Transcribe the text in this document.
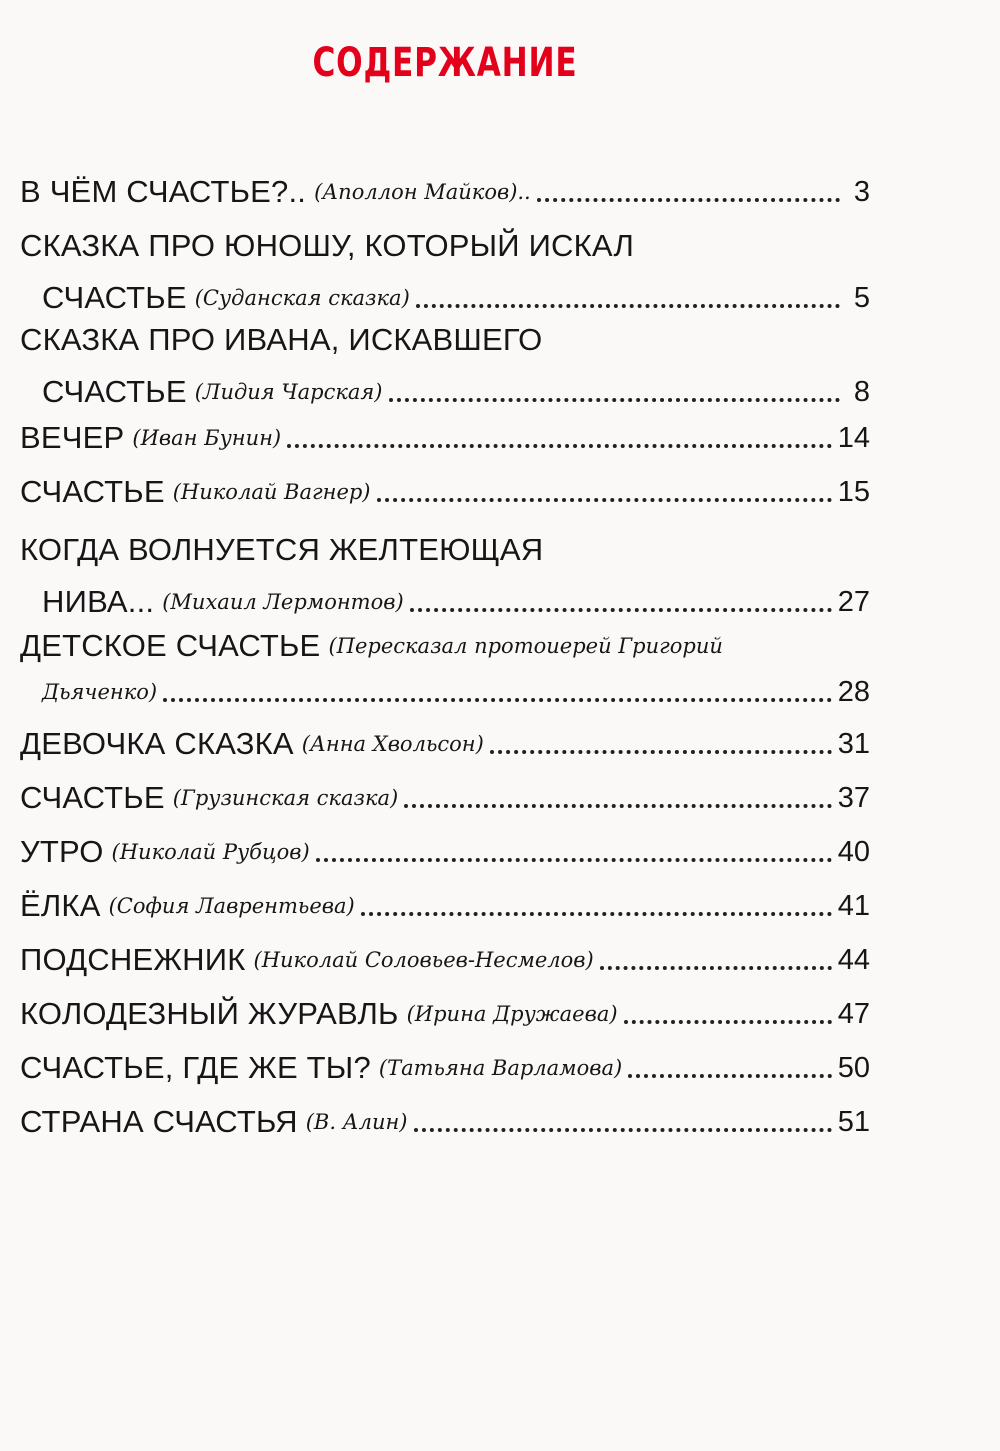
СОДЕРЖАНИЕ
В ЧЁМ СЧАСТЬЕ?.. (Аполлон Майков)..	3
СКАЗКА ПРО ЮНОШУ, КОТОРЫЙ ИСКАЛ
СЧАСТЬЕ (Суданская сказка)	5
СКАЗКА ПРО ИВАНА, ИСКАВШЕГО
СЧАСТЬЕ (Лидия Чарская)	8
ВЕЧЕР (Иван Бунин)	14
СЧАСТЬЕ (Николай Вагнер)	15
КОГДА ВОЛНУЕТСЯ ЖЕЛТЕЮЩАЯ
НИВА... (Михаил Лермонтов)	27
ДЕТСКОЕ СЧАСТЬЕ (Пересказал протоиерей Григорий
Дьяченко)	28
ДЕВОЧКА СКАЗКА (Анна Хвольсон)	31
СЧАСТЬЕ (Грузинская сказка)	37
УТРО (Николай Рубцов)	40
ЁЛКА (София Лаврентьева)	41
ПОДСНЕЖНИК (Николай Соловьев-Несмелов)	44
КОЛОДЕЗНЫЙ ЖУРАВЛЬ (Ирина Дружаева)	47
СЧАСТЬЕ, ГДЕ ЖЕ ТЫ? (Татьяна Варламова)	50
СТРАНА СЧАСТЬЯ (В. Алин)	51
